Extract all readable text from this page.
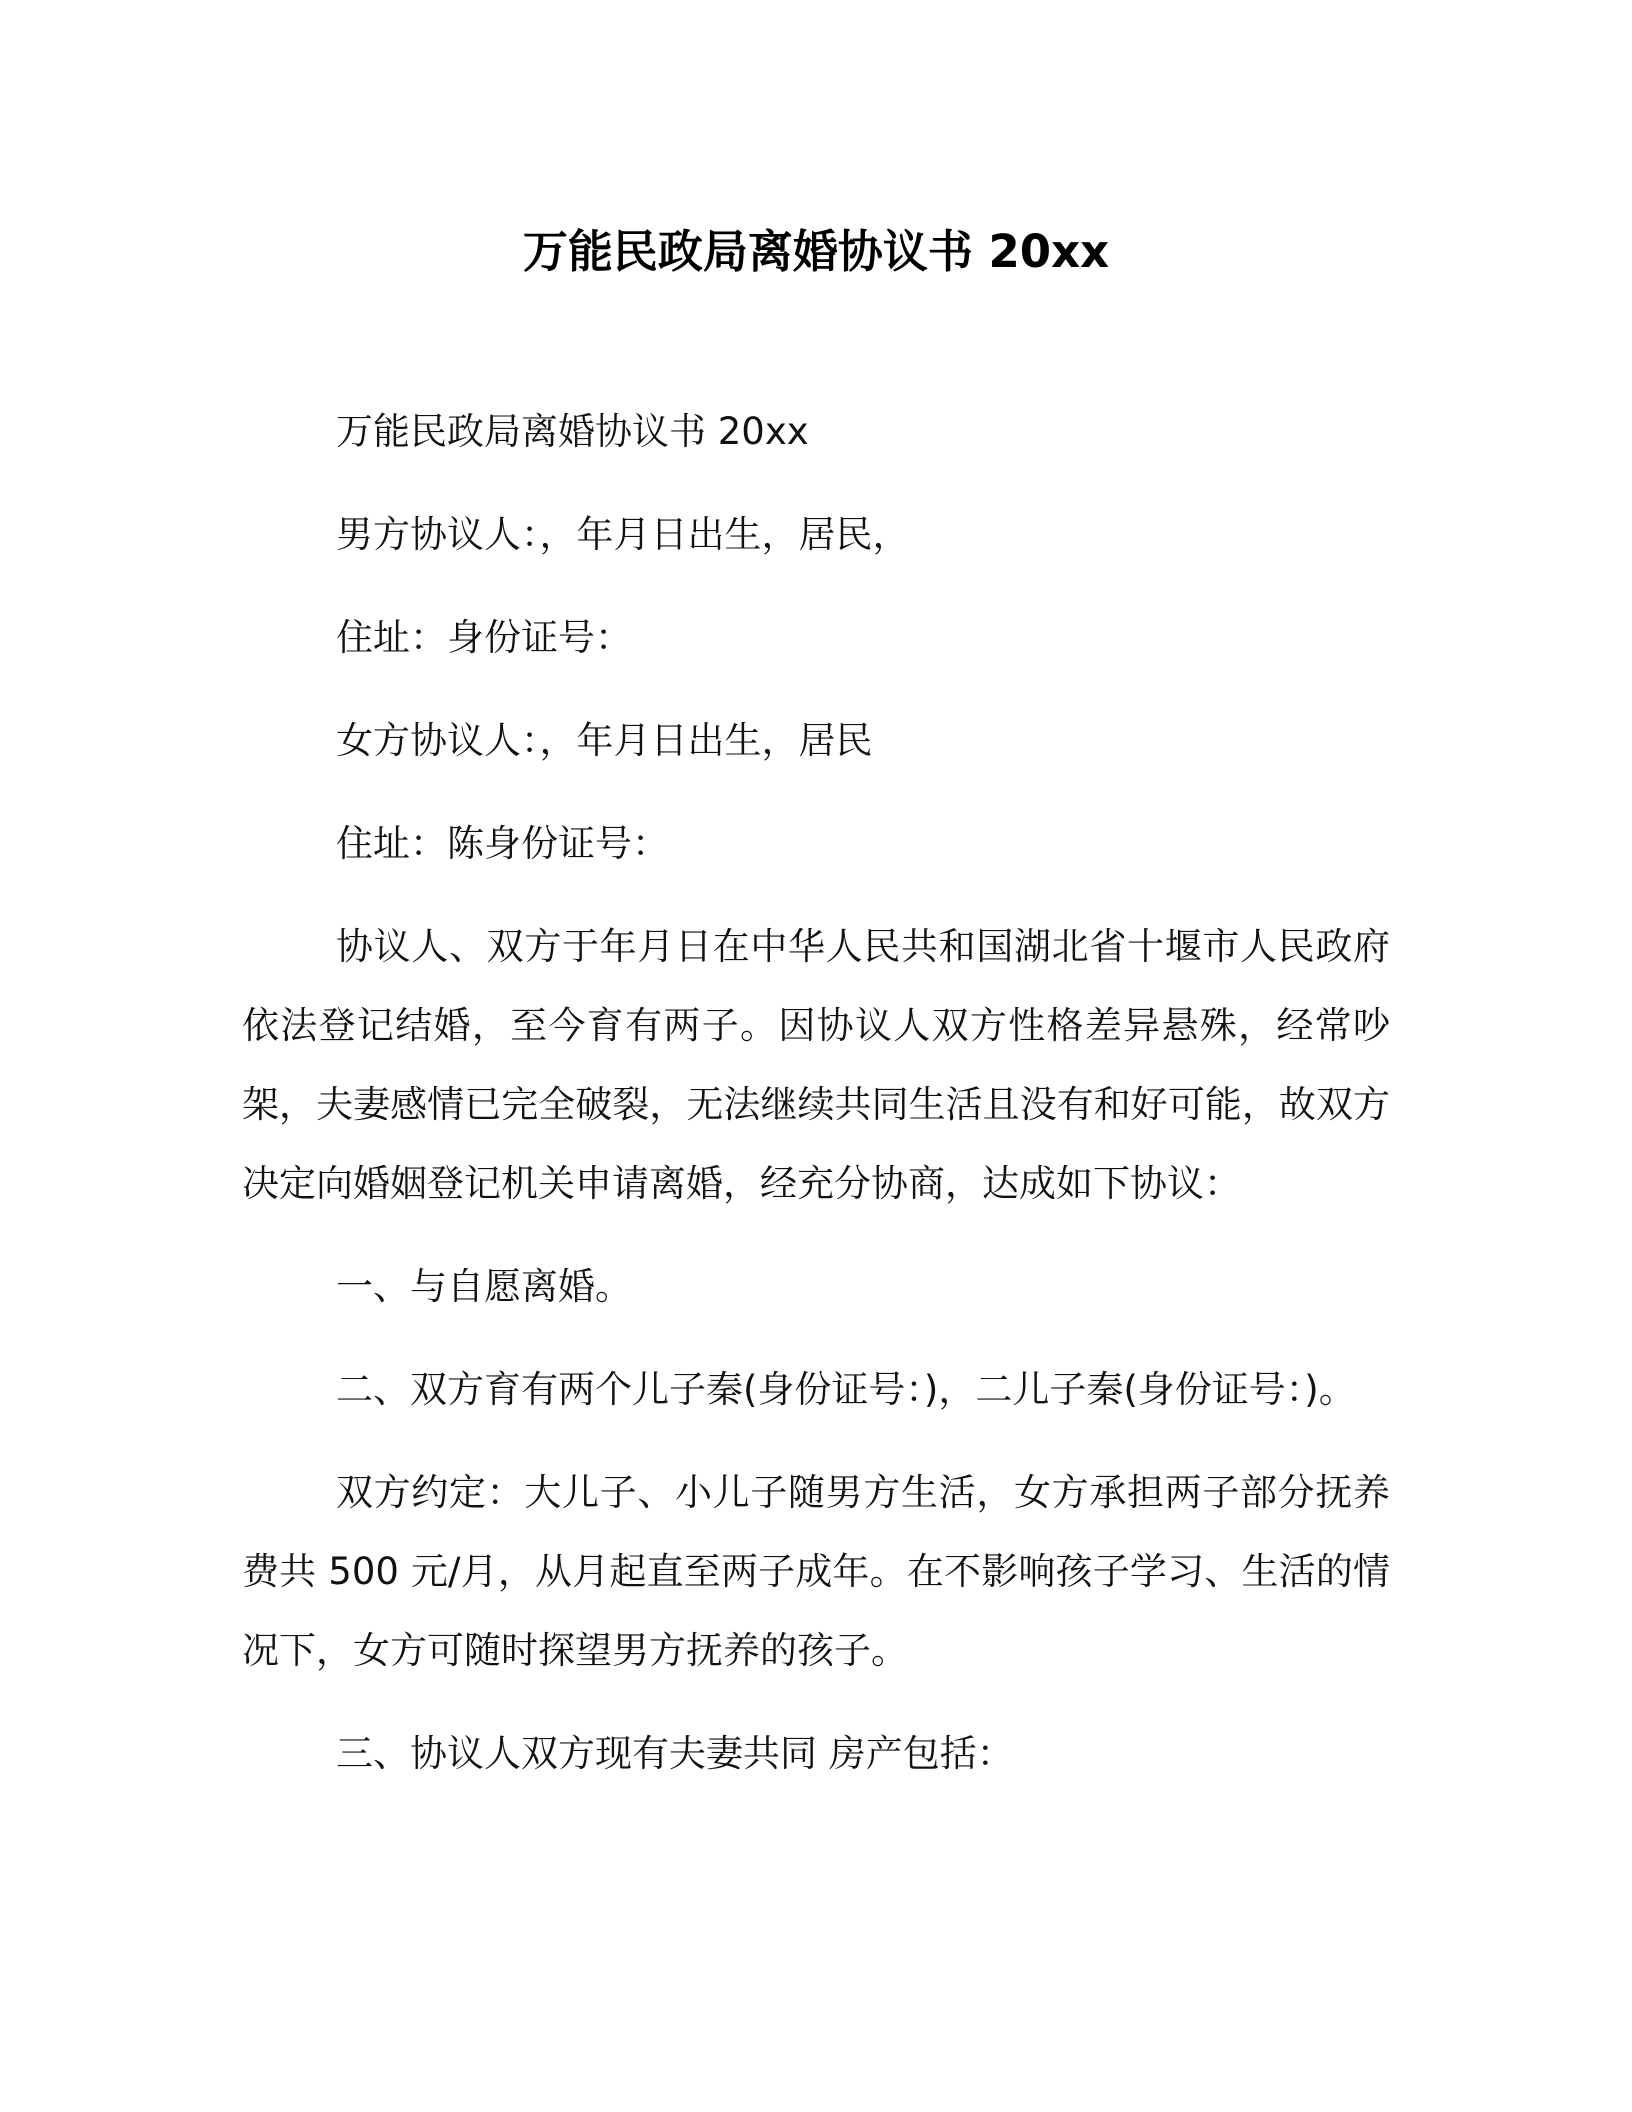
万能民政局离婚协议书 20xx

万能民政局离婚协议书 20xx

男方协议人：，年月日出生，居民，

住址：身份证号：

女方协议人：，年月日出生，居民

住址：陈身份证号：

协议人、双方于年月日在中华人民共和国湖北省十堰市人民政府依法登记结婚，至今育有两子。因协议人双方性格差异悬殊，经常吵架，夫妻感情已完全破裂，无法继续共同生活且没有和好可能，故双方决定向婚姻登记机关申请离婚，经充分协商，达成如下协议：

一、与自愿离婚。

二、双方育有两个儿子秦(身份证号：)，二儿子秦(身份证号：)。

双方约定：大儿子、小儿子随男方生活，女方承担两子部分抚养费共 500 元/月，从月起直至两子成年。在不影响孩子学习、生活的情况下，女方可随时探望男方抚养的孩子。

三、协议人双方现有夫妻共同 房产包括：
